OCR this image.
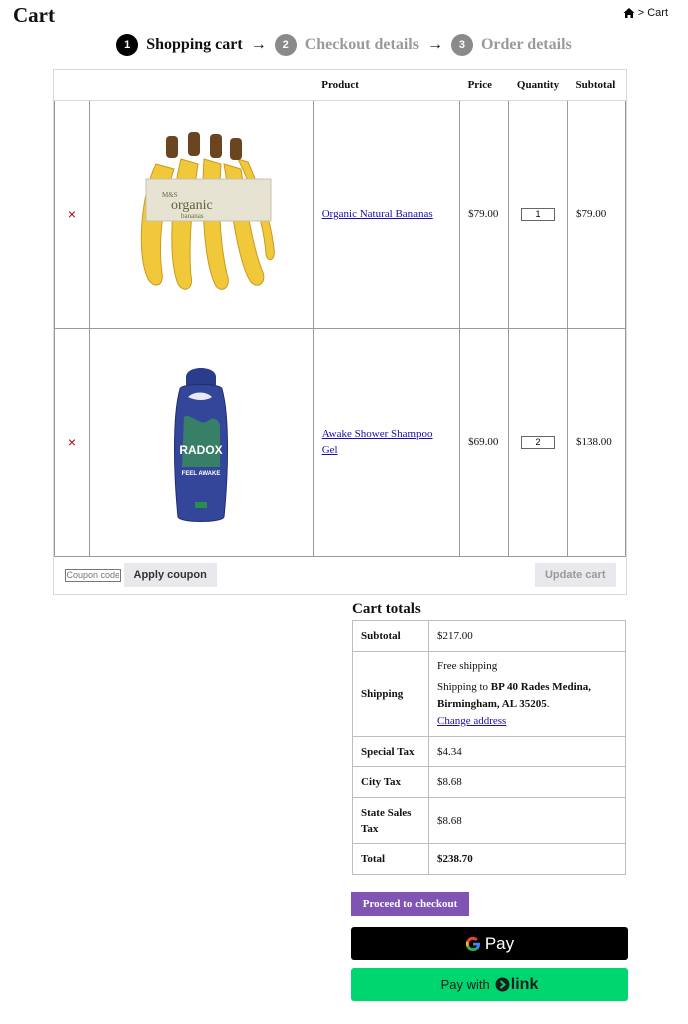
Cart	> Cart
1 Shopping cart →	2 Checkout details →	3 Order details
		Product	Price	Quantity	Subtotal
×	M&S
organic
bananas	Organic Natural Bananas	$79.00	1	$79.00
×	RADOX
FEEL AWAKE	Awake Shower Shampoo Gel	$69.00	2	$138.00

Coupon code
Apply coupon Update cart
Cart totals
Subtotal	$217.00
Shipping	Free shipping
Shipping to BP 40 Rades Medina, Birmingham, AL 35205.
Change address

Special Tax	$4.34
City Tax	$8.68
State Sales Tax	$8.68
Total	$238.70
Proceed to checkout
Pay
Pay with link
